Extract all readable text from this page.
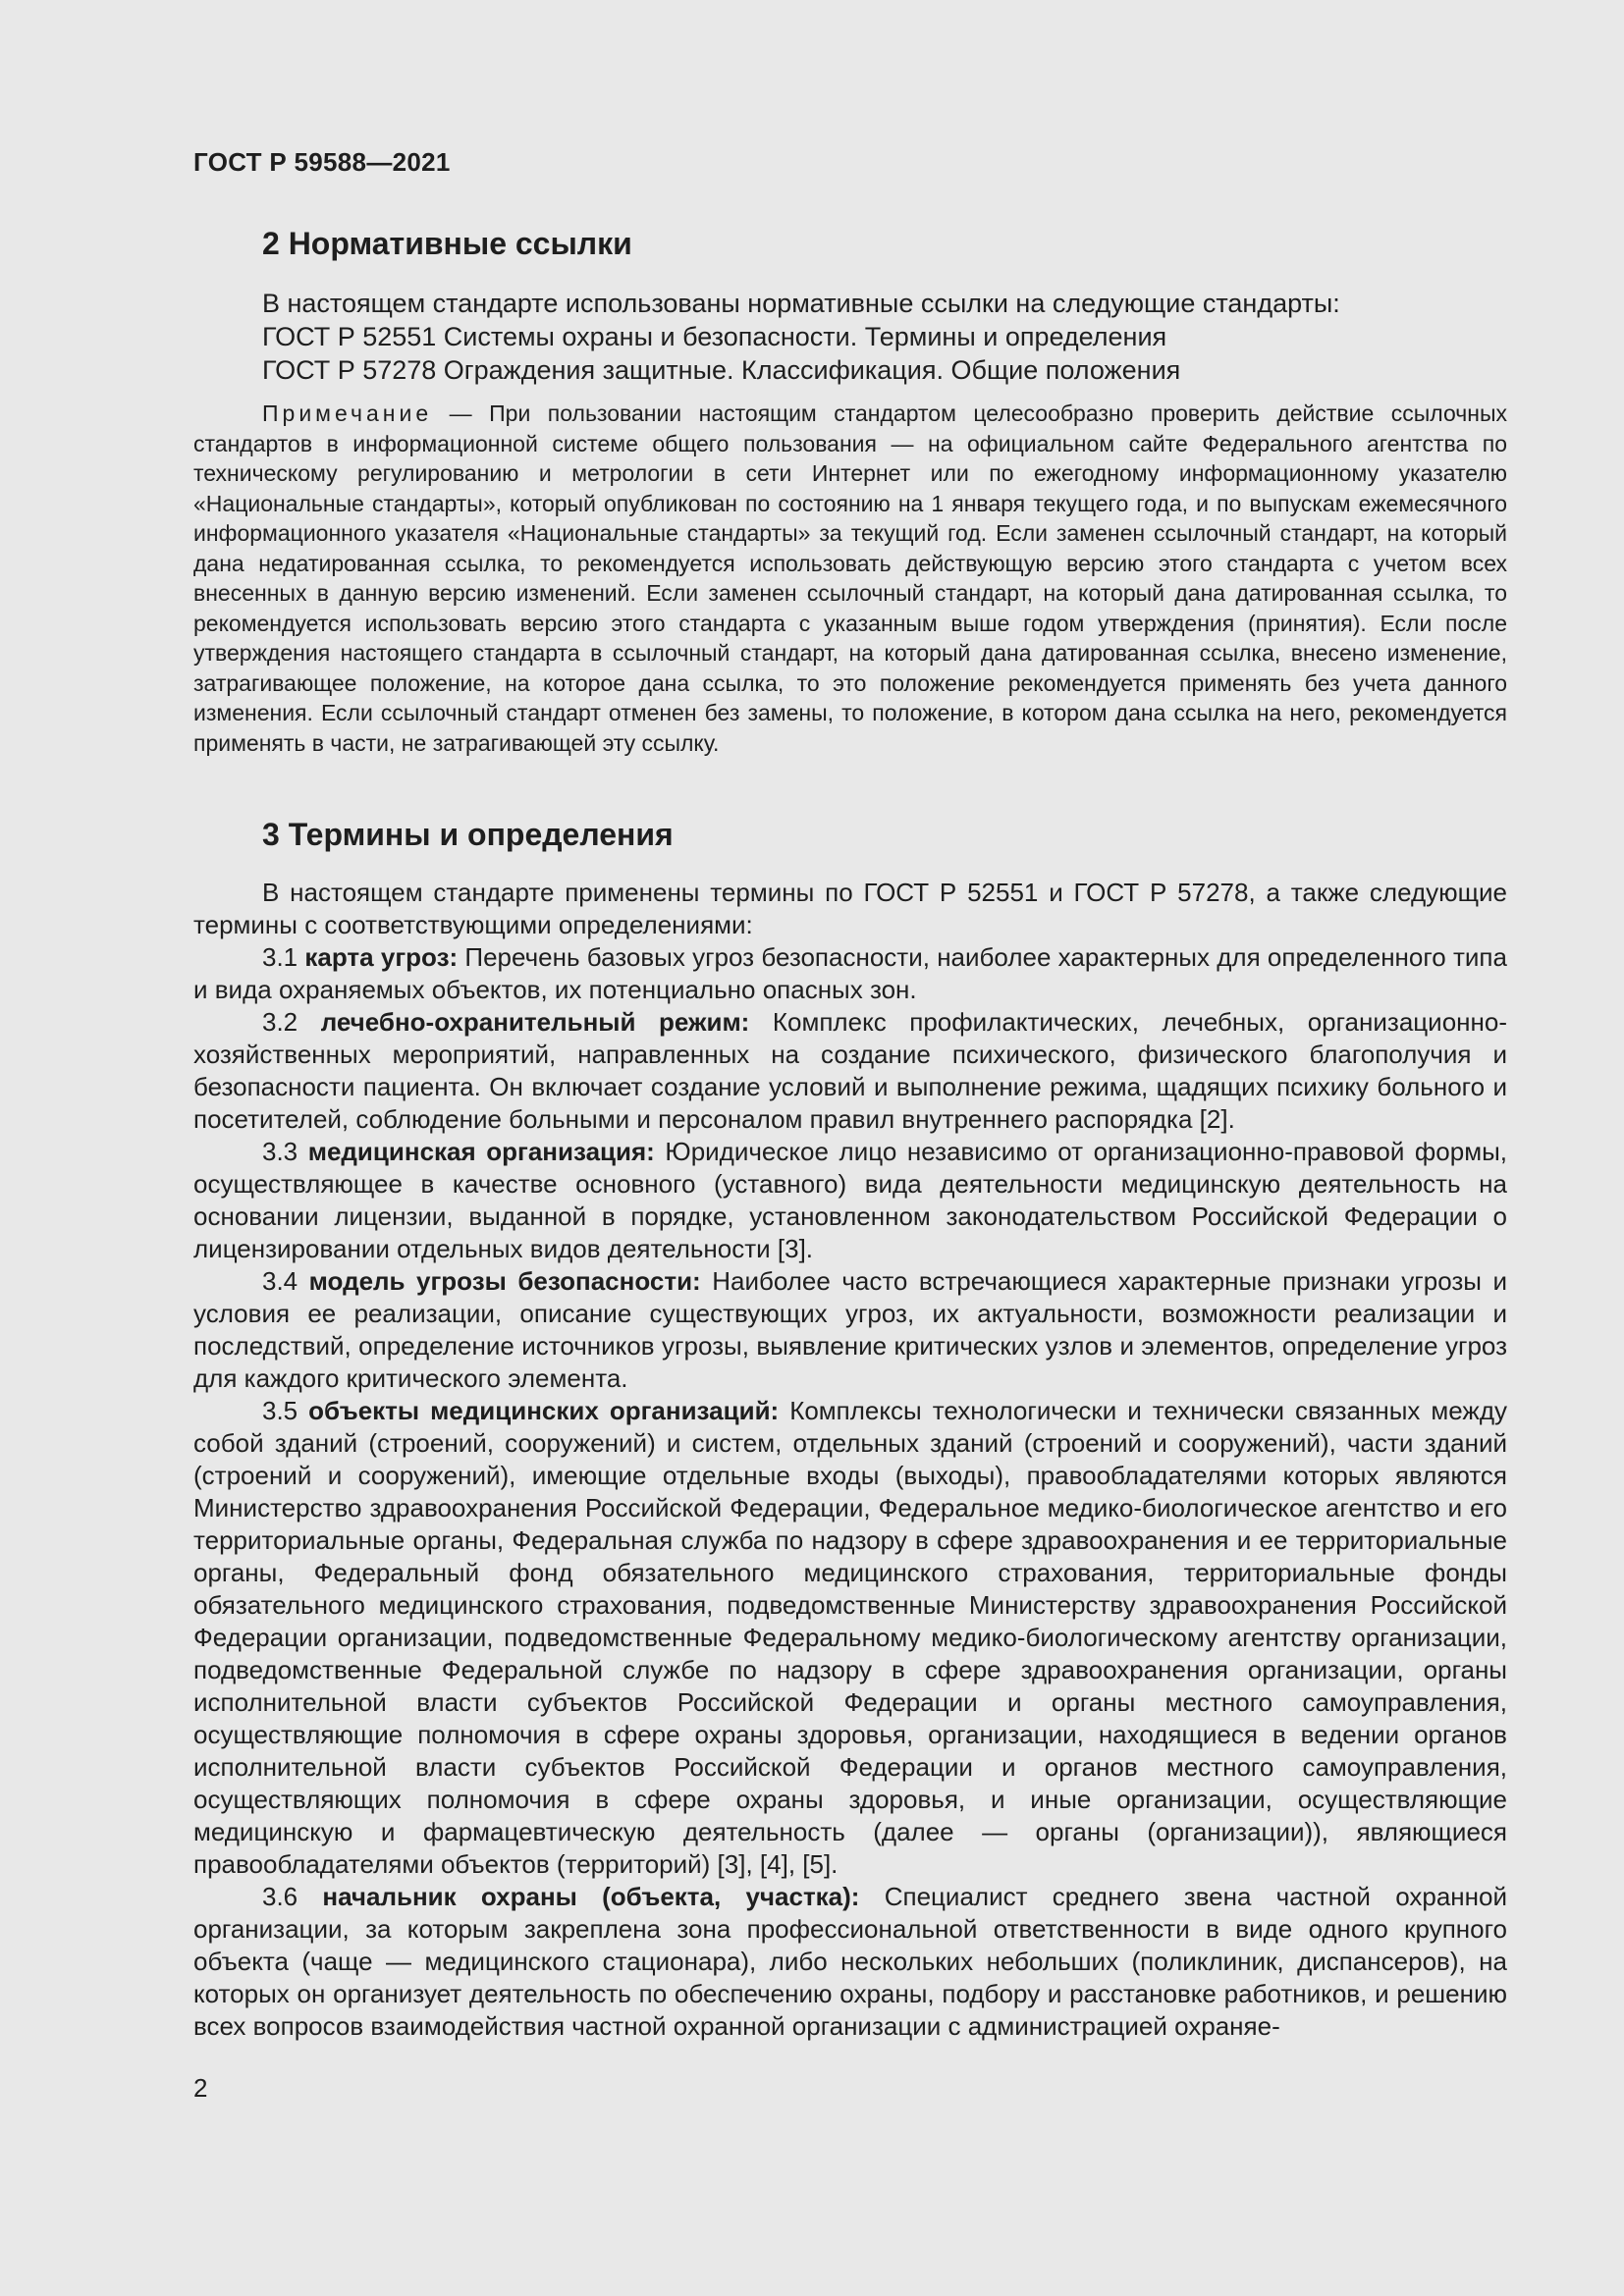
ГОСТ Р 59588—2021
2 Нормативные ссылки

В настоящем стандарте использованы нормативные ссылки на следующие стандарты:

ГОСТ Р 52551 Системы охраны и безопасности. Термины и определения

ГОСТ Р 57278 Ограждения защитные. Классификация. Общие положения

Примечание — При пользовании настоящим стандартом целесообразно проверить действие ссылочных стандартов в информационной системе общего пользования — на официальном сайте Федерального агентства по техническому регулированию и метрологии в сети Интернет или по ежегодному информационному указателю «Национальные стандарты», который опубликован по состоянию на 1 января текущего года, и по выпускам ежемесячного информационного указателя «Национальные стандарты» за текущий год. Если заменен ссылочный стандарт, на который дана недатированная ссылка, то рекомендуется использовать действующую версию этого стандарта с учетом всех внесенных в данную версию изменений. Если заменен ссылочный стандарт, на который дана датированная ссылка, то рекомендуется использовать версию этого стандарта с указанным выше годом утверждения (принятия). Если после утверждения настоящего стандарта в ссылочный стандарт, на который дана датированная ссылка, внесено изменение, затрагивающее положение, на которое дана ссылка, то это положение рекомендуется применять без учета данного изменения. Если ссылочный стандарт отменен без замены, то положение, в котором дана ссылка на него, рекомендуется применять в части, не затрагивающей эту ссылку.

3 Термины и определения

В настоящем стандарте применены термины по ГОСТ Р 52551 и ГОСТ Р 57278, а также следующие термины с соответствующими определениями:

3.1 карта угроз: Перечень базовых угроз безопасности, наиболее характерных для определенного типа и вида охраняемых объектов, их потенциально опасных зон.

3.2 лечебно-охранительный режим: Комплекс профилактических, лечебных, организационно-хозяйственных мероприятий, направленных на создание психического, физического благополучия и безопасности пациента. Он включает создание условий и выполнение режима, щадящих психику больного и посетителей, соблюдение больными и персоналом правил внутреннего распорядка [2].

3.3 медицинская организация: Юридическое лицо независимо от организационно-правовой формы, осуществляющее в качестве основного (уставного) вида деятельности медицинскую деятельность на основании лицензии, выданной в порядке, установленном законодательством Российской Федерации о лицензировании отдельных видов деятельности [3].

3.4 модель угрозы безопасности: Наиболее часто встречающиеся характерные признаки угрозы и условия ее реализации, описание существующих угроз, их актуальности, возможности реализации и последствий, определение источников угрозы, выявление критических узлов и элементов, определение угроз для каждого критического элемента.

3.5 объекты медицинских организаций: Комплексы технологически и технически связанных между собой зданий (строений, сооружений) и систем, отдельных зданий (строений и сооружений), части зданий (строений и сооружений), имеющие отдельные входы (выходы), правообладателями которых являются Министерство здравоохранения Российской Федерации, Федеральное медико-биологическое агентство и его территориальные органы, Федеральная служба по надзору в сфере здравоохранения и ее территориальные органы, Федеральный фонд обязательного медицинского страхования, территориальные фонды обязательного медицинского страхования, подведомственные Министерству здравоохранения Российской Федерации организации, подведомственные Федеральному медико-биологическому агентству организации, подведомственные Федеральной службе по надзору в сфере здравоохранения организации, органы исполнительной власти субъектов Российской Федерации и органы местного самоуправления, осуществляющие полномочия в сфере охраны здоровья, организации, находящиеся в ведении органов исполнительной власти субъектов Российской Федерации и органов местного самоуправления, осуществляющих полномочия в сфере охраны здоровья, и иные организации, осуществляющие медицинскую и фармацевтическую деятельность (далее — органы (организации)), являющиеся правообладателями объектов (территорий) [3], [4], [5].

3.6 начальник охраны (объекта, участка): Специалист среднего звена частной охранной организации, за которым закреплена зона профессиональной ответственности в виде одного крупного объекта (чаще — медицинского стационара), либо нескольких небольших (поликлиник, диспансеров), на которых он организует деятельность по обеспечению охраны, подбору и расстановке работников, и решению всех вопросов взаимодействия частной охранной организации с администрацией охраняе-

2
